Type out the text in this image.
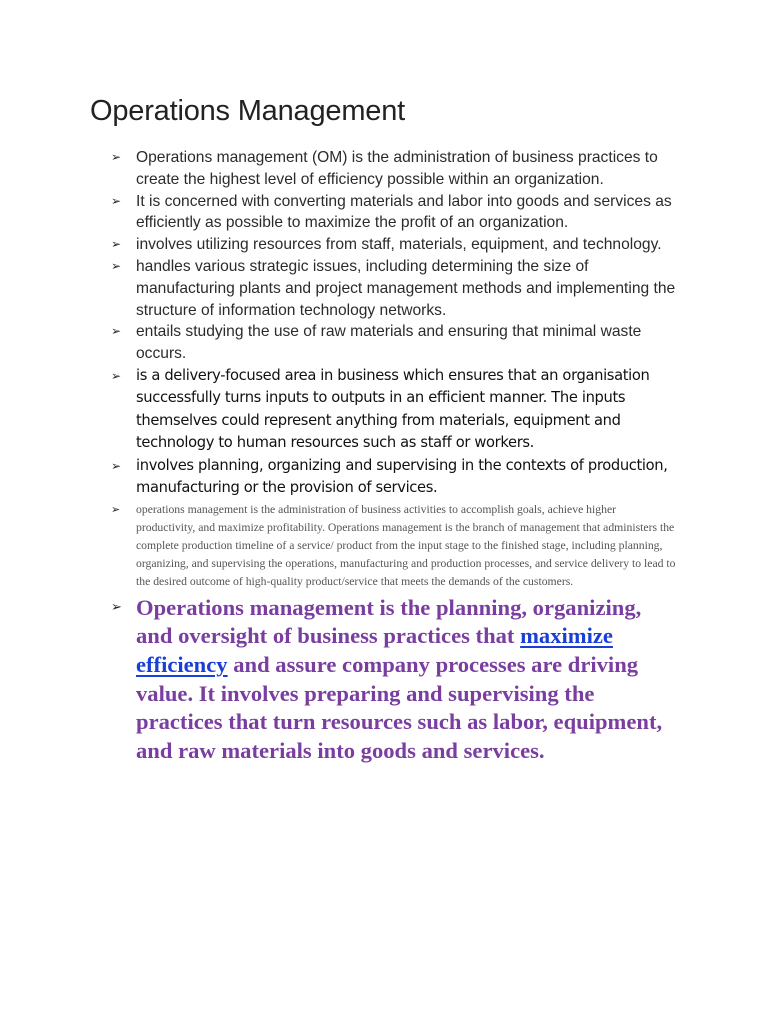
Operations Management
➢ Operations management (OM) is the administration of business practices to create the highest level of efficiency possible within an organization.
➢ It is concerned with converting materials and labor into goods and services as efficiently as possible to maximize the profit of an organization.
➢ involves utilizing resources from staff, materials, equipment, and technology.
➢ handles various strategic issues, including determining the size of manufacturing plants and project management methods and implementing the structure of information technology networks.
➢ entails studying the use of raw materials and ensuring that minimal waste occurs.
➢ is a delivery-focused area in business which ensures that an organisation successfully turns inputs to outputs in an efficient manner. The inputs themselves could represent anything from materials, equipment and technology to human resources such as staff or workers.
➢ involves planning, organizing and supervising in the contexts of production, manufacturing or the provision of services.
➢ operations management is the administration of business activities to accomplish goals, achieve higher productivity, and maximize profitability. Operations management is the branch of management that administers the complete production timeline of a service/ product from the input stage to the finished stage, including planning, organizing, and supervising the operations, manufacturing and production processes, and service delivery to lead to the desired outcome of high-quality product/service that meets the demands of the customers.
➢ Operations management is the planning, organizing, and oversight of business practices that maximize efficiency and assure company processes are driving value. It involves preparing and supervising the practices that turn resources such as labor, equipment, and raw materials into goods and services.
